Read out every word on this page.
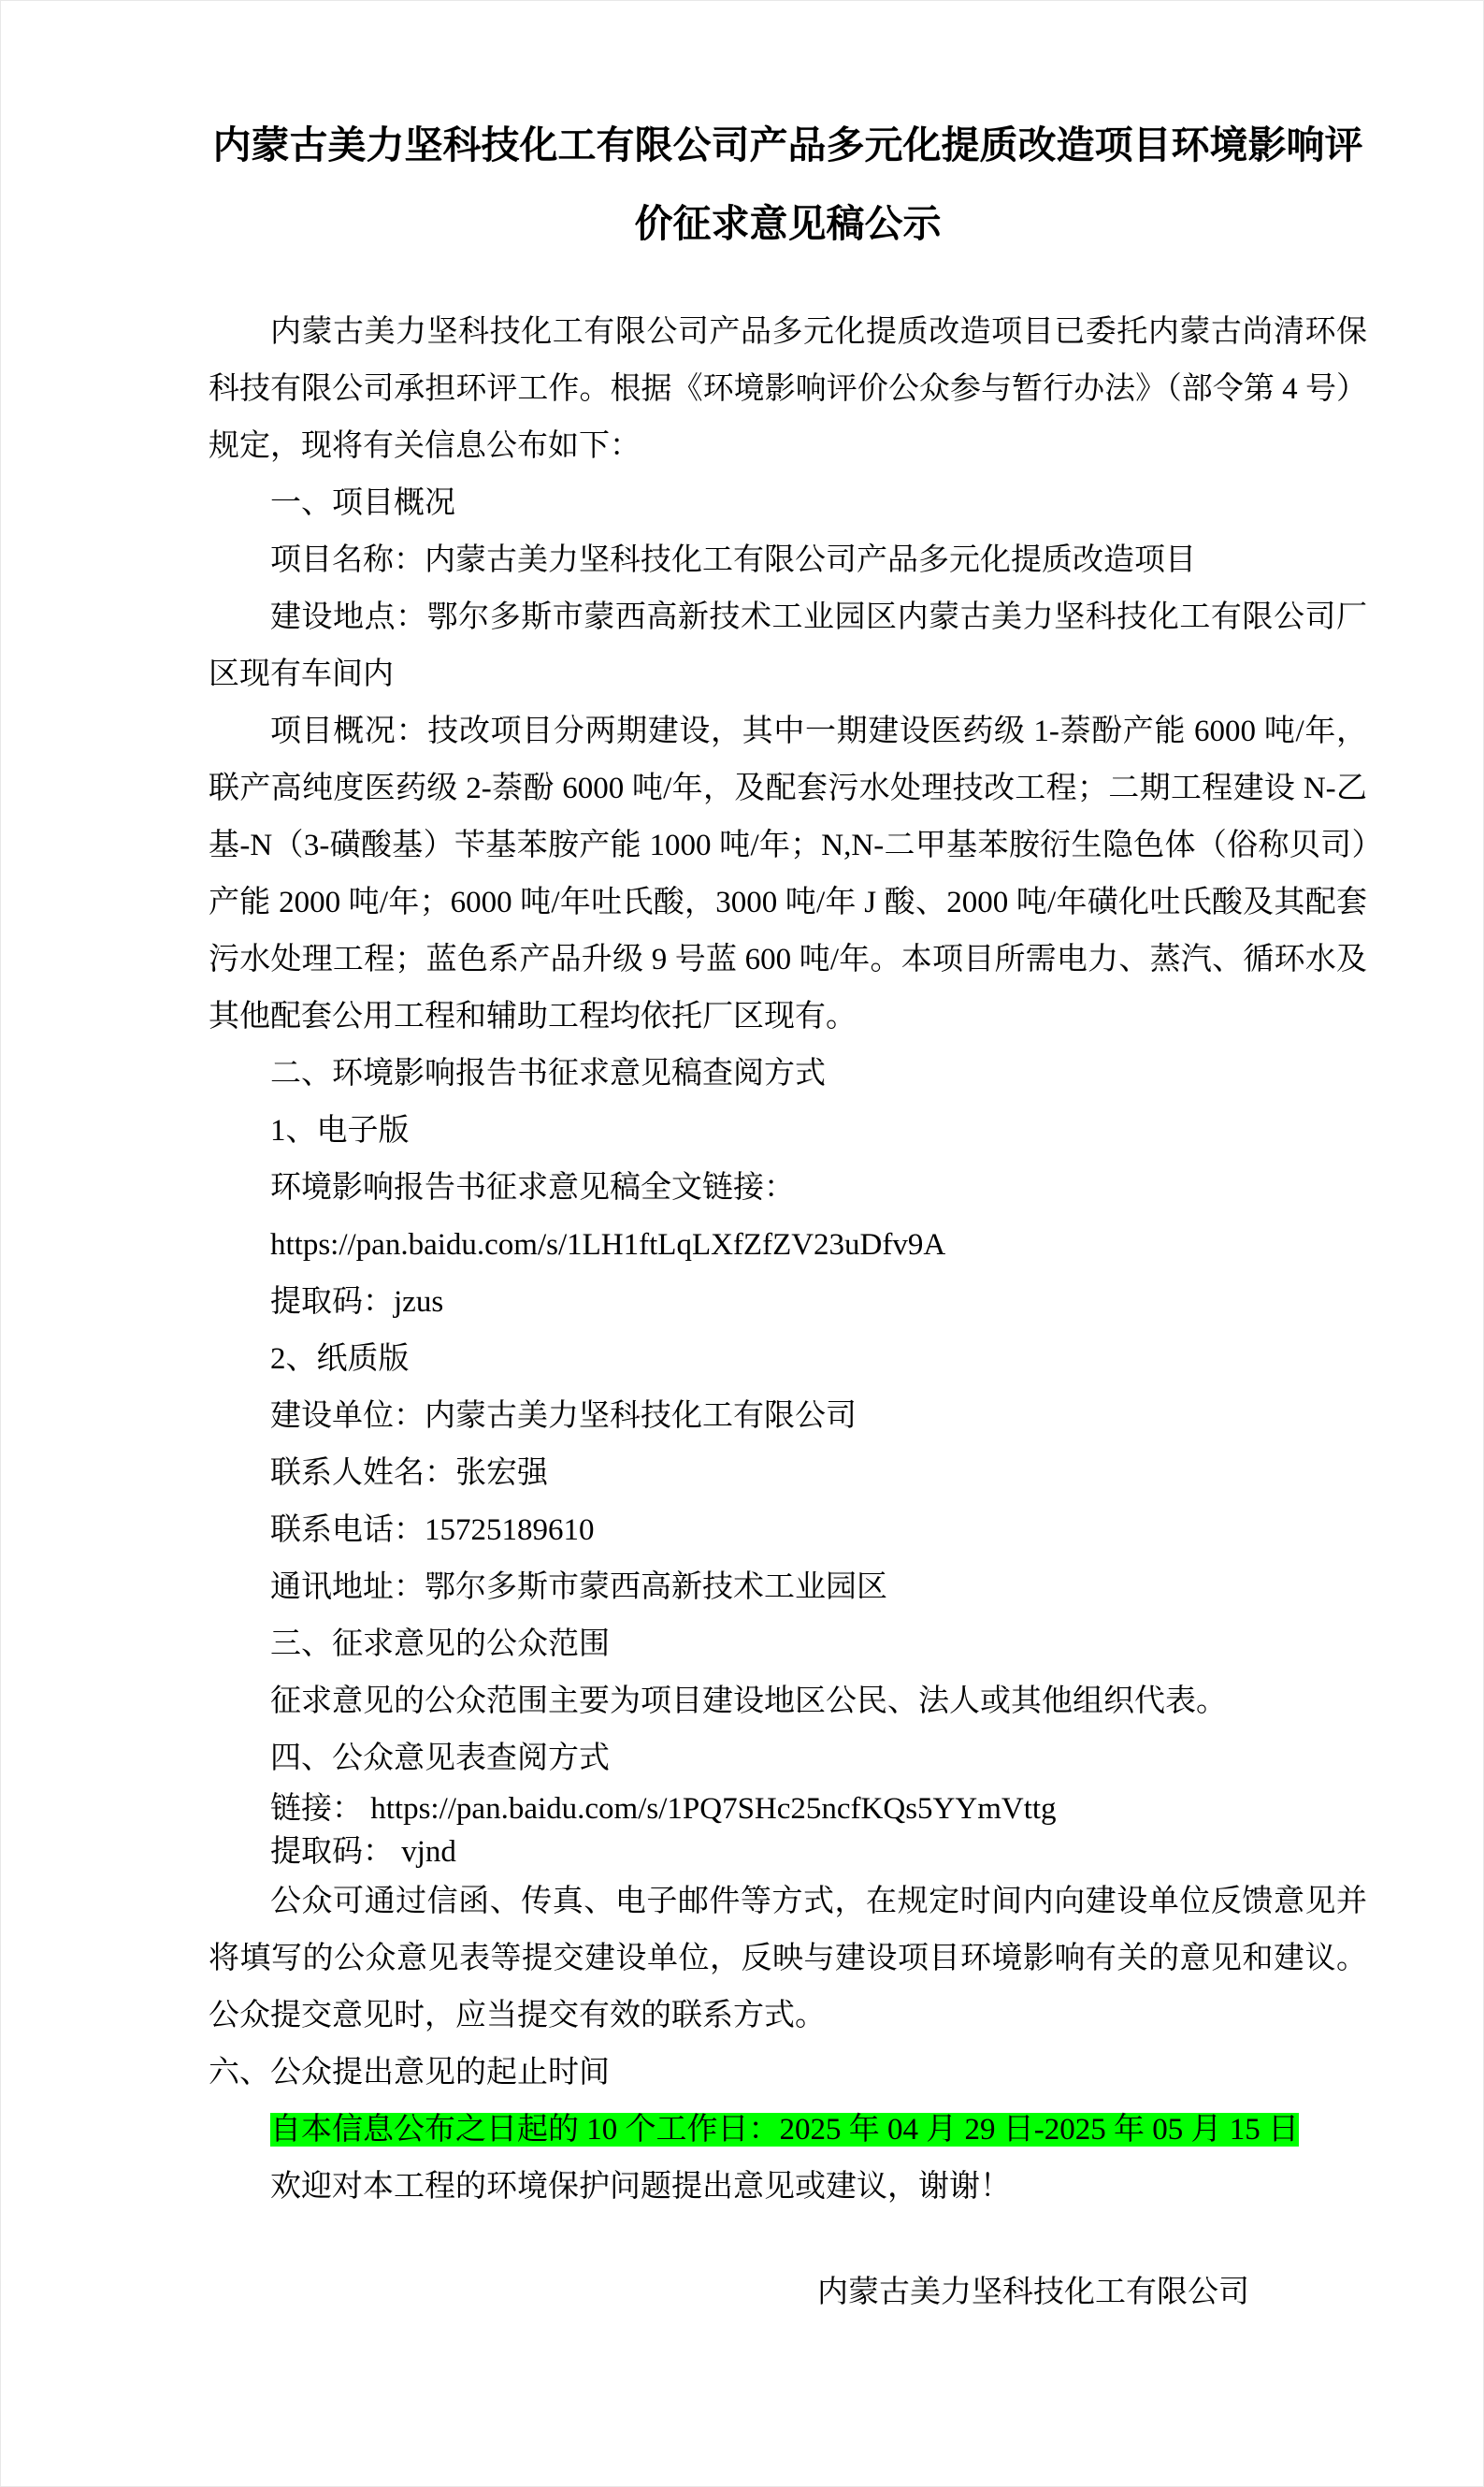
内蒙古美力坚科技化工有限公司产品多元化提质改造项目环境影响评价征求意见稿公示

内蒙古美力坚科技化工有限公司产品多元化提质改造项目已委托内蒙古尚清环保科技有限公司承担环评工作。根据《环境影响评价公众参与暂行办法》（部令第 4 号）规定，现将有关信息公布如下：

一、项目概况

项目名称：内蒙古美力坚科技化工有限公司产品多元化提质改造项目

建设地点：鄂尔多斯市蒙西高新技术工业园区内蒙古美力坚科技化工有限公司厂区现有车间内

项目概况：技改项目分两期建设，其中一期建设医药级 1-萘酚产能 6000 吨/年，联产高纯度医药级 2-萘酚 6000 吨/年，及配套污水处理技改工程；二期工程建设 N-乙基-N（3-磺酸基）苄基苯胺产能 1000 吨/年；N,N-二甲基苯胺衍生隐色体（俗称贝司）产能 2000 吨/年；6000 吨/年吐氏酸，3000 吨/年 J 酸、2000 吨/年磺化吐氏酸及其配套污水处理工程；蓝色系产品升级 9 号蓝 600 吨/年。本项目所需电力、蒸汽、循环水及其他配套公用工程和辅助工程均依托厂区现有。

二、环境影响报告书征求意见稿查阅方式

1、电子版

环境影响报告书征求意见稿全文链接：

https://pan.baidu.com/s/1LH1ftLqLXfZfZV23uDfv9A

提取码：jzus

2、纸质版

建设单位：内蒙古美力坚科技化工有限公司

联系人姓名：张宏强

联系电话：15725189610

通讯地址：鄂尔多斯市蒙西高新技术工业园区

三、征求意见的公众范围

征求意见的公众范围主要为项目建设地区公民、法人或其他组织代表。

四、公众意见表查阅方式

链接： https://pan.baidu.com/s/1PQ7SHc25ncfKQs5YYmVttg

提取码： vjnd

公众可通过信函、传真、电子邮件等方式，在规定时间内向建设单位反馈意见并将填写的公众意见表等提交建设单位，反映与建设项目环境影响有关的意见和建议。公众提交意见时，应当提交有效的联系方式。

六、公众提出意见的起止时间

自本信息公布之日起的 10 个工作日：2025 年 04 月 29 日-2025 年 05 月 15 日

欢迎对本工程的环境保护问题提出意见或建议，谢谢！

内蒙古美力坚科技化工有限公司
